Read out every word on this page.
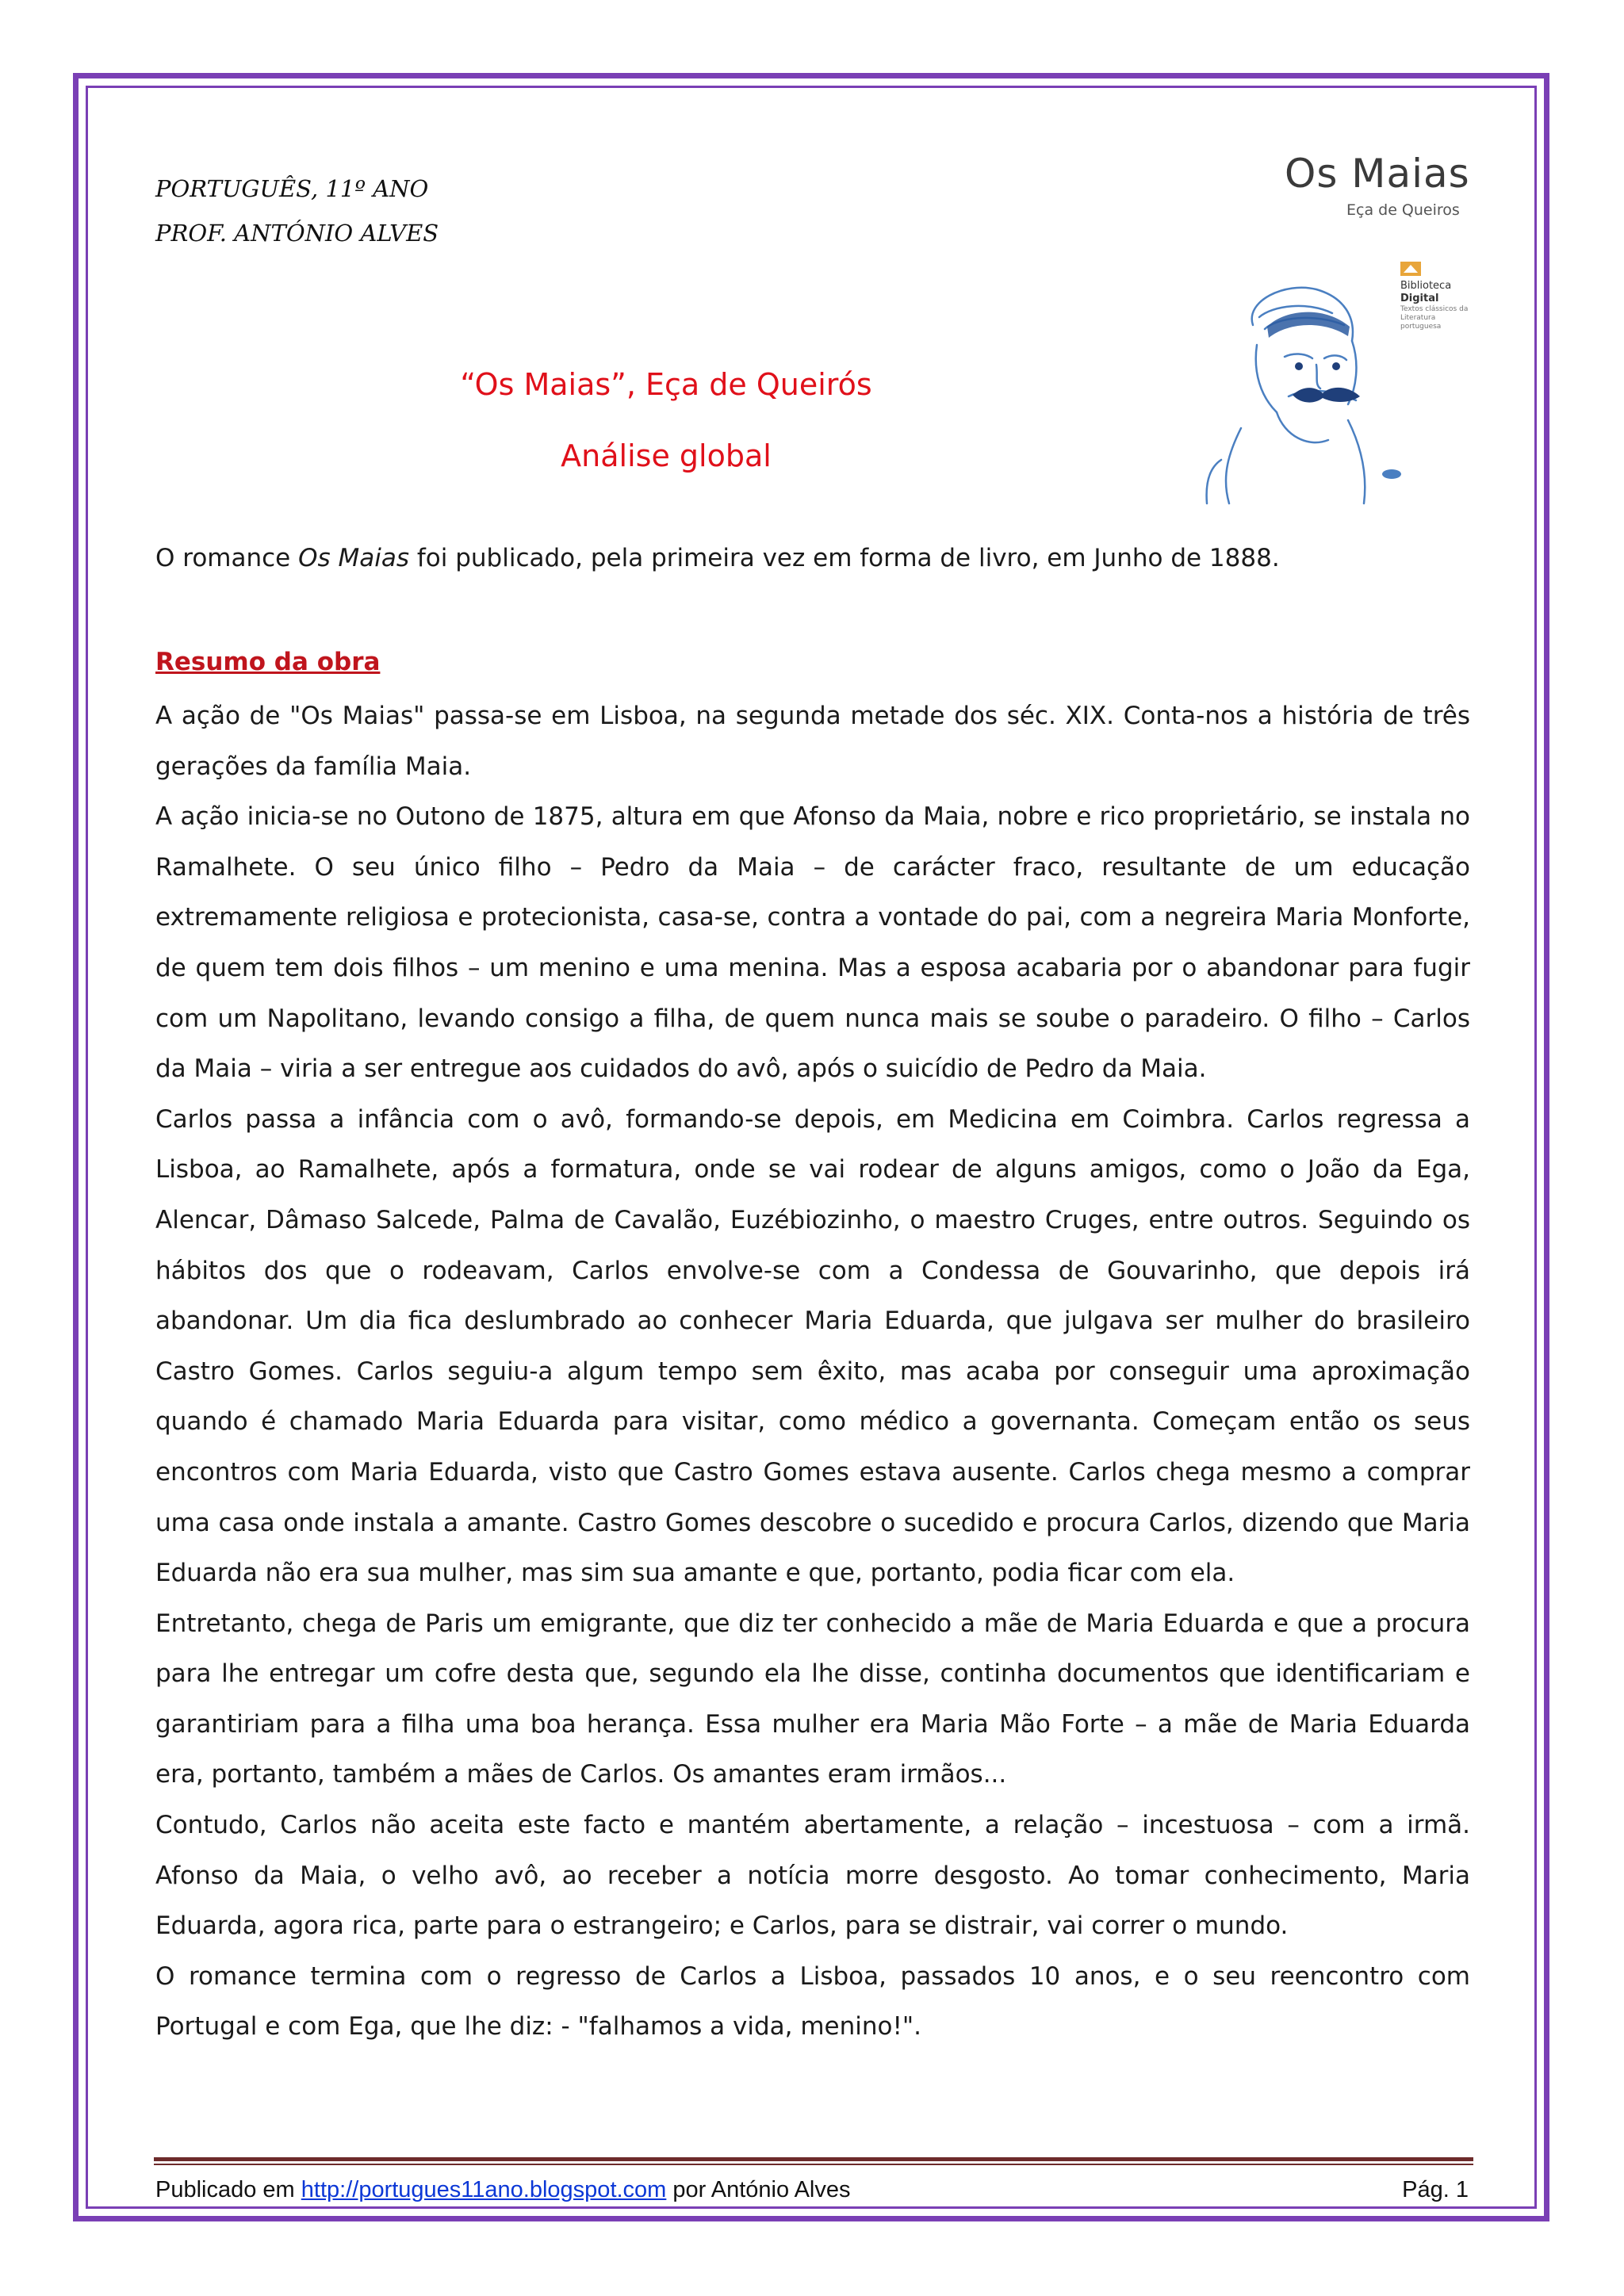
PORTUGUÊS, 11º ANO
PROF. ANTÓNIO ALVES
Os Maias
Eça de Queiros
Biblioteca
Digital
Textos clássicos da Literatura portuguesa
“Os Maias”, Eça de Queirós
Análise global
O romance Os Maias foi publicado, pela primeira vez em forma de livro, em Junho de 1888.
Resumo da obra

A ação de "Os Maias" passa-se em Lisboa, na segunda metade dos séc. XIX. Conta-nos a história de três gerações da família Maia.

A ação inicia-se no Outono de 1875, altura em que Afonso da Maia, nobre e rico proprietário, se instala no Ramalhete. O seu único filho – Pedro da Maia – de carácter fraco, resultante de um educação extremamente religiosa e protecionista, casa-se, contra a vontade do pai, com a negreira Maria Monforte, de quem tem dois filhos – um menino e uma menina. Mas a esposa acabaria por o abandonar para fugir com um Napolitano, levando consigo a filha, de quem nunca mais se soube o paradeiro. O filho – Carlos da Maia – viria a ser entregue aos cuidados do avô, após o suicídio de Pedro da Maia.

Carlos passa a infância com o avô, formando-se depois, em Medicina em Coimbra. Carlos regressa a Lisboa, ao Ramalhete, após a formatura, onde se vai rodear de alguns amigos, como o João da Ega, Alencar, Dâmaso Salcede, Palma de Cavalão, Euzébiozinho, o maestro Cruges, entre outros. Seguindo os hábitos dos que o rodeavam, Carlos envolve-se com a Condessa de Gouvarinho, que depois irá abandonar. Um dia fica deslumbrado ao conhecer Maria Eduarda, que julgava ser mulher do brasileiro Castro Gomes. Carlos seguiu-a algum tempo sem êxito, mas acaba por conseguir uma aproximação quando é chamado Maria Eduarda para visitar, como médico a governanta. Começam então os seus encontros com Maria Eduarda, visto que Castro Gomes estava ausente. Carlos chega mesmo a comprar uma casa onde instala a amante. Castro Gomes descobre o sucedido e procura Carlos, dizendo que Maria Eduarda não era sua mulher, mas sim sua amante e que, portanto, podia ficar com ela.

Entretanto, chega de Paris um emigrante, que diz ter conhecido a mãe de Maria Eduarda e que a procura para lhe entregar um cofre desta que, segundo ela lhe disse, continha documentos que identificariam e garantiriam para a filha uma boa herança. Essa mulher era Maria Mão Forte – a mãe de Maria Eduarda era, portanto, também a mães de Carlos. Os amantes eram irmãos...

Contudo, Carlos não aceita este facto e mantém abertamente, a relação – incestuosa – com a irmã. Afonso da Maia, o velho avô, ao receber a notícia morre desgosto. Ao tomar conhecimento, Maria Eduarda, agora rica, parte para o estrangeiro; e Carlos, para se distrair, vai correr o mundo.

O romance termina com o regresso de Carlos a Lisboa, passados 10 anos, e o seu reencontro com Portugal e com Ega, que lhe diz: - "falhamos a vida, menino!".

Publicado em http://portugues11ano.blogspot.com por António Alves	Pág. 1
